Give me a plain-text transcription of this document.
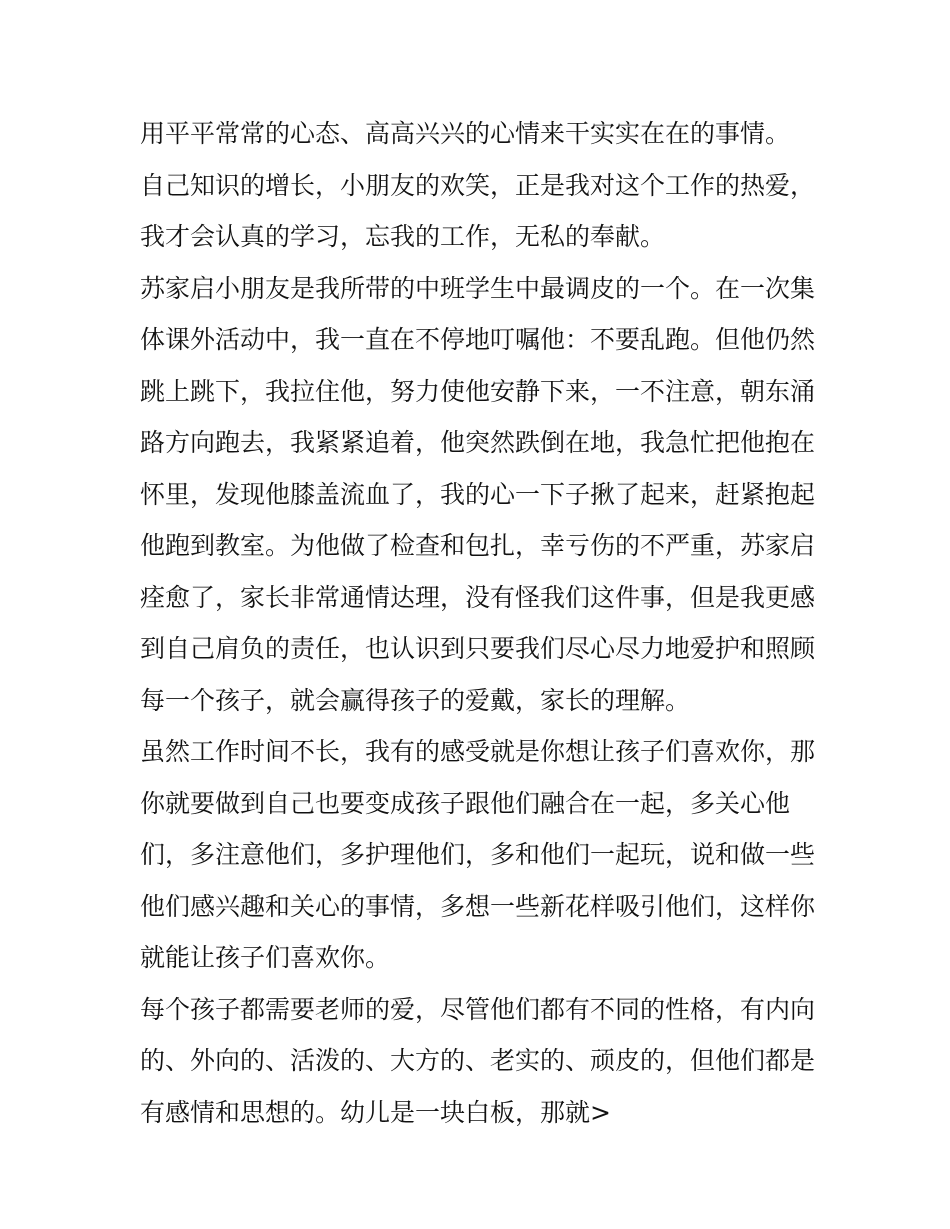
用平平常常的心态、高高兴兴的心情来干实实在在的事情。

自己知识的增长，小朋友的欢笑，正是我对这个工作的热爱，
我才会认真的学习，忘我的工作，无私的奉献。

苏家启小朋友是我所带的中班学生中最调皮的一个。在一次集
体课外活动中，我一直在不停地叮嘱他：不要乱跑。但他仍然
跳上跳下，我拉住他，努力使他安静下来，一不注意，朝东涌
路方向跑去，我紧紧追着，他突然跌倒在地，我急忙把他抱在
怀里，发现他膝盖流血了，我的心一下子揪了起来，赶紧抱起
他跑到教室。为他做了检查和包扎，幸亏伤的不严重，苏家启
痊愈了，家长非常通情达理，没有怪我们这件事，但是我更感
到自己肩负的责任，也认识到只要我们尽心尽力地爱护和照顾
每一个孩子，就会赢得孩子的爱戴，家长的理解。

虽然工作时间不长，我有的感受就是你想让孩子们喜欢你，那
你就要做到自己也要变成孩子跟他们融合在一起，多关心他
们，多注意他们，多护理他们，多和他们一起玩，说和做一些
他们感兴趣和关心的事情，多想一些新花样吸引他们，这样你
就能让孩子们喜欢你。

每个孩子都需要老师的爱，尽管他们都有不同的性格，有内向
的、外向的、活泼的、大方的、老实的、顽皮的，但他们都是
有感情和思想的。幼儿是一块白板，那就>
